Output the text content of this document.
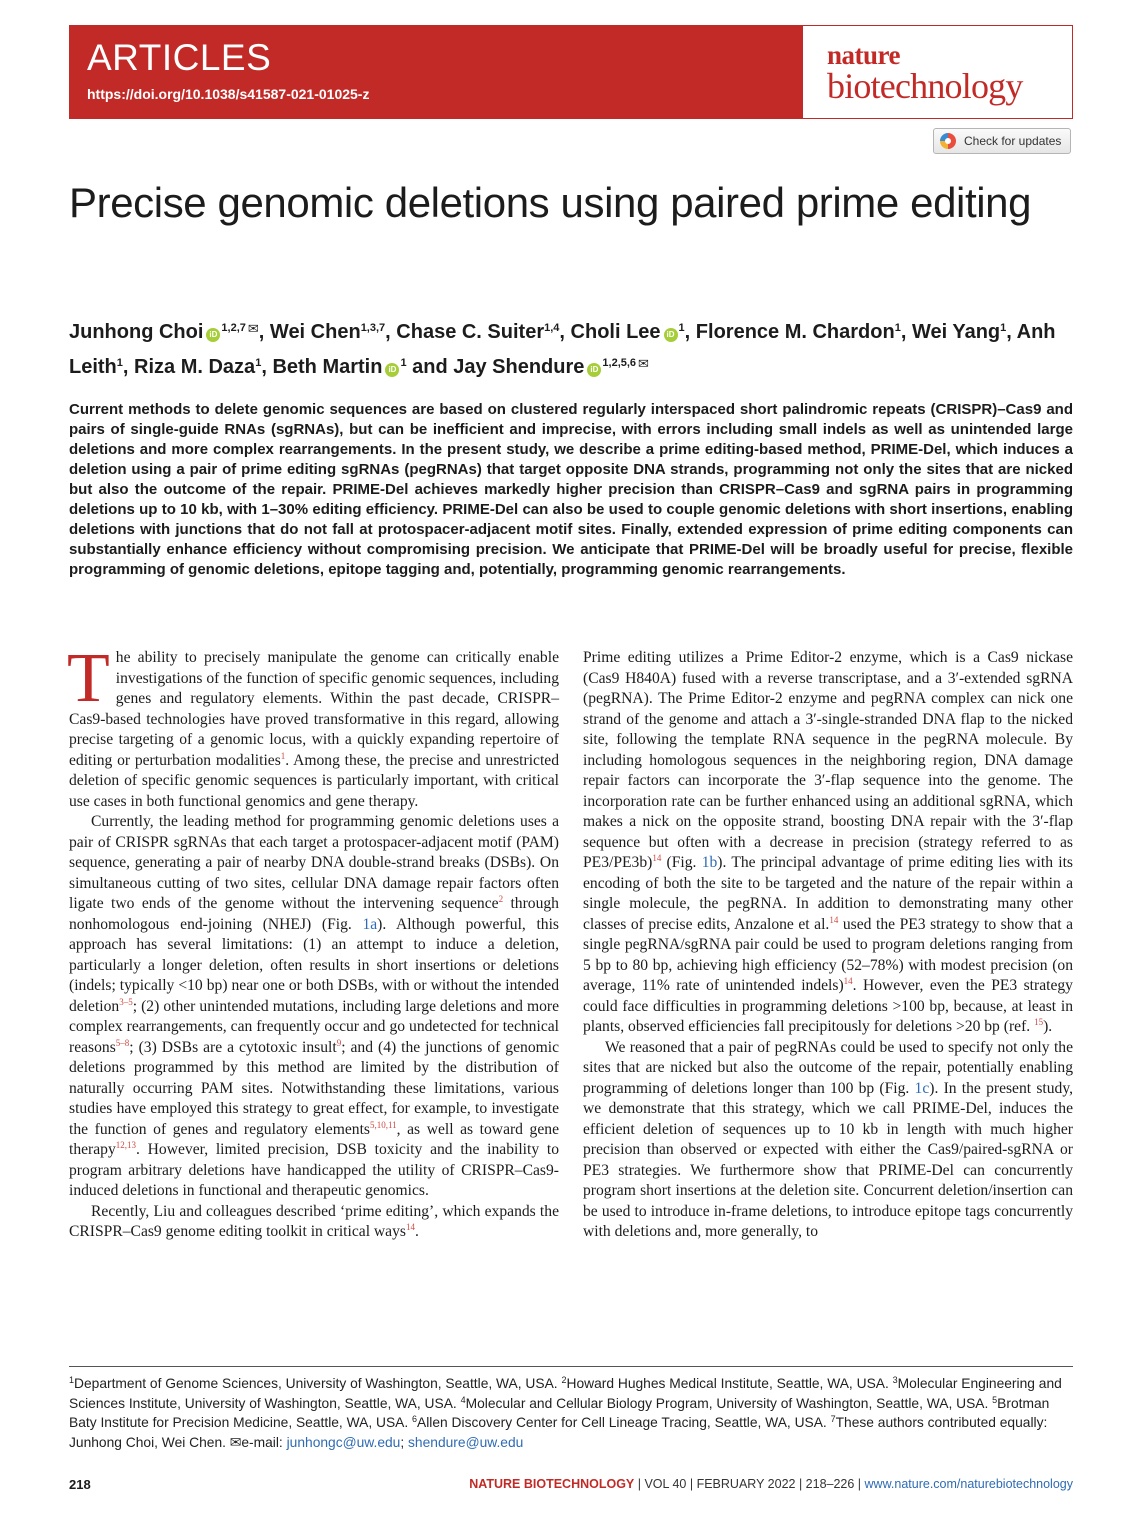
ARTICLES
https://doi.org/10.1038/s41587-021-01025-z
nature
biotechnology
Check for updates
Precise genomic deletions using paired prime editing
Junhong Choi iD$^{1,2,7}$ ✉, Wei Chen$^{1,3,7}$, Chase C. Suiter$^{1,4}$, Choli Lee $iD^1$, Florence M. Chardon$^1$, Wei Yang$^1$, Anh Leith$^1$, Riza M. Daza$^1$, Beth Martin $iD^1$ and Jay Shendure iD$^{1,2,5,6}$ ✉

Current methods to delete genomic sequences are based on clustered regularly interspaced short palindromic repeats (CRISPR)–Cas9 and pairs of single-guide RNAs (sgRNAs), but can be inefficient and imprecise, with errors including small indels as well as unintended large deletions and more complex rearrangements. In the present study, we describe a prime editing-based method, PRIME-Del, which induces a deletion using a pair of prime editing sgRNAs (pegRNAs) that target opposite DNA strands, programming not only the sites that are nicked but also the outcome of the repair. PRIME-Del achieves markedly higher precision than CRISPR–Cas9 and sgRNA pairs in programming deletions up to 10 kb, with 1–30% editing efficiency. PRIME-Del can also be used to couple genomic deletions with short insertions, enabling deletions with junctions that do not fall at protospacer-adjacent motif sites. Finally, extended expression of prime editing components can substantially enhance efficiency without compromising precision. We anticipate that PRIME-Del will be broadly useful for precise, flexible programming of genomic deletions, epitope tagging and, potentially, programming genomic rearrangements.

The ability to precisely manipulate the genome can critically enable investigations of the function of specific genomic sequences, including genes and regulatory elements. Within the past decade, CRISPR–Cas9-based technologies have proved transformative in this regard, allowing precise targeting of a genomic locus, with a quickly expanding repertoire of editing or perturbation modalities$^1$. Among these, the precise and unrestricted deletion of specific genomic sequences is particularly important, with critical use cases in both functional genomics and gene therapy.

Currently, the leading method for programming genomic deletions uses a pair of CRISPR sgRNAs that each target a protospacer-adjacent motif (PAM) sequence, generating a pair of nearby DNA double-strand breaks (DSBs). On simultaneous cutting of two sites, cellular DNA damage repair factors often ligate two ends of the genome without the intervening sequence$^2$ through nonhomologous end-joining (NHEJ) (Fig. 1a). Although powerful, this approach has several limitations: (1) an attempt to induce a deletion, particularly a longer deletion, often results in short insertions or deletions (indels; typically <10 bp) near one or both DSBs, with or without the intended deletion$^{3-5}$; (2) other unintended mutations, including large deletions and more complex rearrangements, can frequently occur and go undetected for technical reasons$^{5-8}$; (3) DSBs are a cytotoxic insult$^9$; and (4) the junctions of genomic deletions programmed by this method are limited by the distribution of naturally occurring PAM sites. Notwithstanding these limitations, various studies have employed this strategy to great effect, for example, to investigate the function of genes and regulatory elements$^{5,10,11}$, as well as toward gene therapy$^{12,13}$. However, limited precision, DSB toxicity and the inability to program arbitrary deletions have handicapped the utility of CRISPR–Cas9-induced deletions in functional and therapeutic genomics.

Recently, Liu and colleagues described ‘prime editing’, which expands the CRISPR–Cas9 genome editing toolkit in critical ways$^{14}$.

Prime editing utilizes a Prime Editor-2 enzyme, which is a Cas9 nickase (Cas9 H840A) fused with a reverse transcriptase, and a 3′-extended sgRNA (pegRNA). The Prime Editor-2 enzyme and pegRNA complex can nick one strand of the genome and attach a 3′-single-stranded DNA flap to the nicked site, following the template RNA sequence in the pegRNA molecule. By including homologous sequences in the neighboring region, DNA damage repair factors can incorporate the 3′-flap sequence into the genome. The incorporation rate can be further enhanced using an additional sgRNA, which makes a nick on the opposite strand, boosting DNA repair with the 3′-flap sequence but often with a decrease in precision (strategy referred to as PE3/PE3b)$^{14}$ (Fig. 1b). The principal advantage of prime editing lies with its encoding of both the site to be targeted and the nature of the repair within a single molecule, the pegRNA. In addition to demonstrating many other classes of precise edits, Anzalone et al.$^{14}$ used the PE3 strategy to show that a single pegRNA/sgRNA pair could be used to program deletions ranging from 5 bp to 80 bp, achieving high efficiency (52–78%) with modest precision (on average, 11% rate of unintended indels)$^{14}$. However, even the PE3 strategy could face difficulties in programming deletions >100 bp, because, at least in plants, observed efficiencies fall precipitously for deletions >20 bp (ref. $^{15}$).

We reasoned that a pair of pegRNAs could be used to specify not only the sites that are nicked but also the outcome of the repair, potentially enabling programming of deletions longer than 100 bp (Fig. 1c). In the present study, we demonstrate that this strategy, which we call PRIME-Del, induces the efficient deletion of sequences up to 10 kb in length with much higher precision than observed or expected with either the Cas9/paired-sgRNA or PE3 strategies. We furthermore show that PRIME-Del can concurrently program short insertions at the deletion site. Concurrent deletion/insertion can be used to introduce in-frame deletions, to introduce epitope tags concurrently with deletions and, more generally, to

$^1$Department of Genome Sciences, University of Washington, Seattle, WA, USA. $^2$Howard Hughes Medical Institute, Seattle, WA, USA. $^3$Molecular Engineering and Sciences Institute, University of Washington, Seattle, WA, USA. $^4$Molecular and Cellular Biology Program, University of Washington, Seattle, WA, USA. $^5$Brotman Baty Institute for Precision Medicine, Seattle, WA, USA. $^6$Allen Discovery Center for Cell Lineage Tracing, Seattle, WA, USA. $^7$These authors contributed equally: Junhong Choi, Wei Chen. ✉e-mail: junhongc@uw.edu; shendure@uw.edu

218	NATURE BIOTECHNOLOGY | VOL 40 | FEBRUARY 2022 | 218–226 | www.nature.com/naturebiotechnology
